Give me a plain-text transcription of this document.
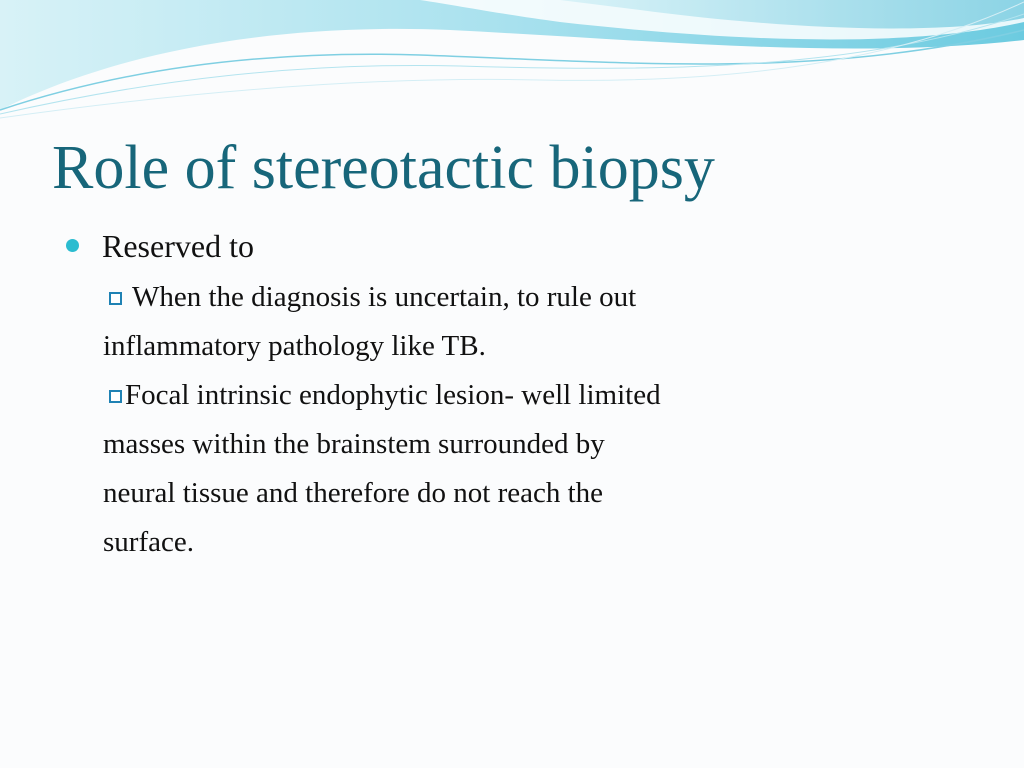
Role of stereotactic biopsy
Reserved to
When the diagnosis is uncertain, to rule out
inflammatory pathology like TB.
Focal intrinsic endophytic lesion- well limited
masses within the brainstem surrounded by
neural tissue and therefore do not reach the
surface.
